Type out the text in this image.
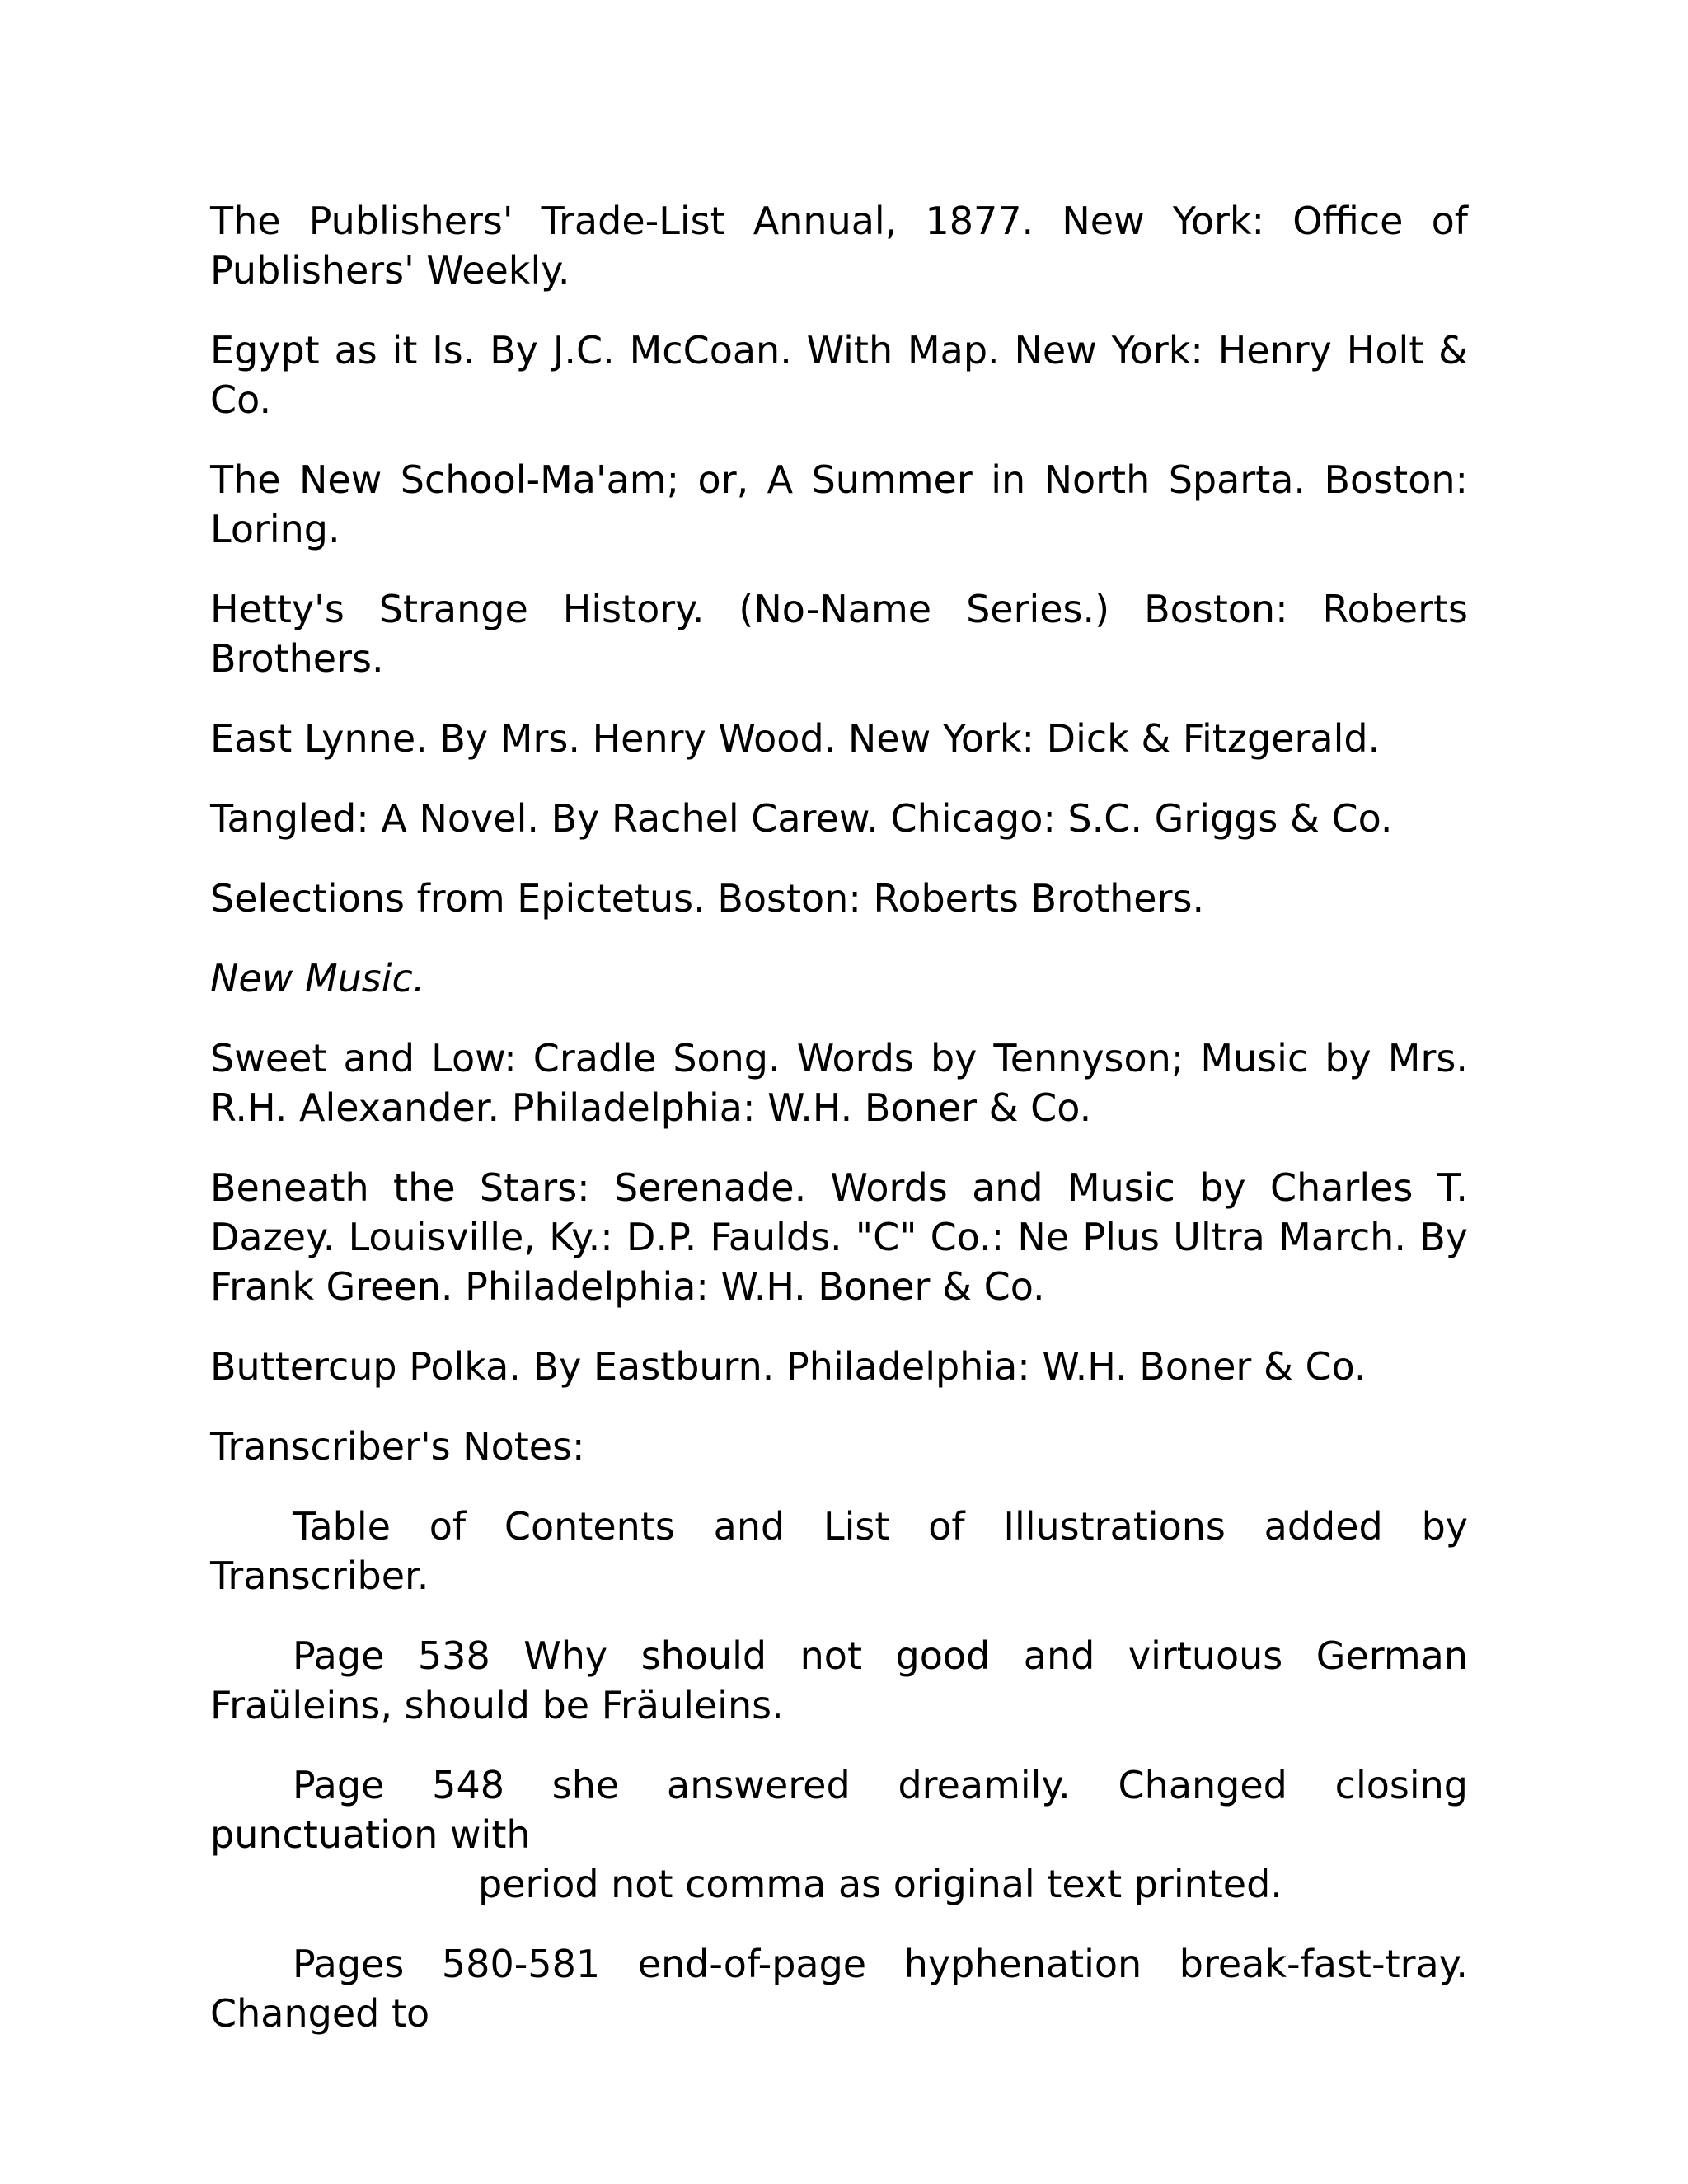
The Publishers' Trade-List Annual, 1877. New York: Office of Publishers' Weekly.

Egypt as it Is. By J.C. McCoan. With Map. New York: Henry Holt & Co.

The New School-Ma'am; or, A Summer in North Sparta. Boston: Loring.

Hetty's Strange History. (No-Name Series.) Boston: Roberts Brothers.

East Lynne. By Mrs. Henry Wood. New York: Dick & Fitzgerald.

Tangled: A Novel. By Rachel Carew. Chicago: S.C. Griggs & Co.

Selections from Epictetus. Boston: Roberts Brothers.

New Music.

Sweet and Low: Cradle Song. Words by Tennyson; Music by Mrs. R.H. Alexander. Philadelphia: W.H. Boner & Co.

Beneath the Stars: Serenade. Words and Music by Charles T. Dazey. Louisville, Ky.: D.P. Faulds. "C" Co.: Ne Plus Ultra March. By Frank Green. Philadelphia: W.H. Boner & Co.

Buttercup Polka. By Eastburn. Philadelphia: W.H. Boner & Co.

Transcriber's Notes:

Table of Contents and List of Illustrations added by Transcriber.

Page 538 Why should not good and virtuous German Fraüleins, should be Fräuleins.

Page 548 she answered dreamily. Changed closing punctuation with
period not comma as original text printed.

Pages 580-581 end-of-page hyphenation break-fast-tray. Changed to
